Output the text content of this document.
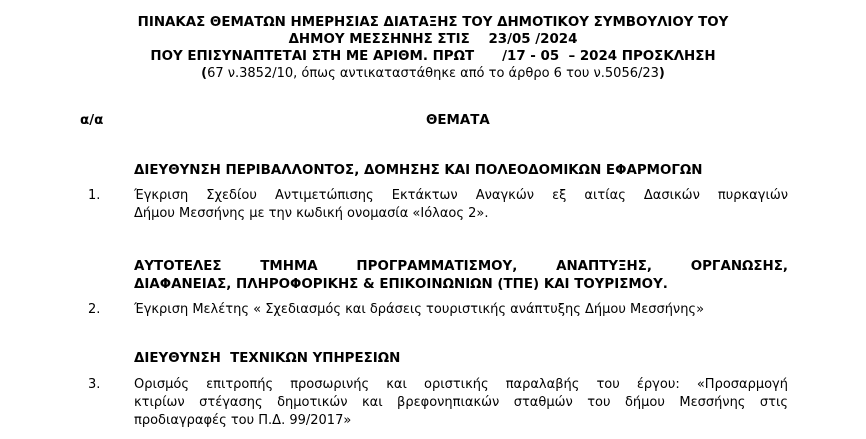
ΠΙΝΑΚΑΣ ΘΕΜΑΤΩΝ ΗΜΕΡΗΣΙΑΣ ΔΙΑΤΑΞΗΣ ΤΟΥ ΔΗΜΟΤΙΚΟΥ ΣΥΜΒΟΥΛΙΟΥ ΤΟΥ
ΔΗΜΟΥ ΜΕΣΣΗΝΗΣ ΣΤΙΣ    23/05 /2024
ΠΟΥ ΕΠΙΣΥΝΑΠΤΕΤΑΙ ΣΤΗ ΜΕ ΑΡΙΘΜ. ΠΡΩΤ      /17 - 05  – 2024 ΠΡΟΣΚΛΗΣΗ
(67 ν.3852/10, όπως αντικαταστάθηκε από το άρθρο 6 του ν.5056/23)
α/α	ΘΕΜΑΤΑ
ΔΙΕΥΘΥΝΣΗ ΠΕΡΙΒΑΛΛΟΝΤΟΣ, ΔΟΜΗΣΗΣ ΚΑΙ ΠΟΛΕΟΔΟΜΙΚΩΝ ΕΦΑΡΜΟΓΩΝ
1.	Έγκριση Σχεδίου Αντιμετώπισης Εκτάκτων Αναγκών εξ αιτίας Δασικών πυρκαγιών
Δήμου Μεσσήνης με την κωδική ονομασία «Ιόλαος 2».
ΑΥΤΟΤΕΛΕΣ ΤΜΗΜΑ ΠΡΟΓΡΑΜΜΑΤΙΣΜΟΥ, ΑΝΑΠΤΥΞΗΣ, ΟΡΓΑΝΩΣΗΣ,
ΔΙΑΦΑΝΕΙΑΣ, ΠΛΗΡΟΦΟΡΙΚΗΣ & ΕΠΙΚΟΙΝΩΝΙΩΝ (ΤΠΕ) ΚΑΙ ΤΟΥΡΙΣΜΟΥ.
2.	Έγκριση Μελέτης « Σχεδιασμός και δράσεις τουριστικής ανάπτυξης Δήμου Μεσσήνης»
ΔΙΕΥΘΥΝΣΗ  ΤΕΧΝΙΚΩΝ ΥΠΗΡΕΣΙΩΝ
3.	Ορισμός επιτροπής προσωρινής και οριστικής παραλαβής του έργου: «Προσαρμογή
κτιρίων στέγασης δημοτικών και βρεφονηπιακών σταθμών του δήμου Μεσσήνης στις
προδιαγραφές του Π.Δ. 99/2017»
